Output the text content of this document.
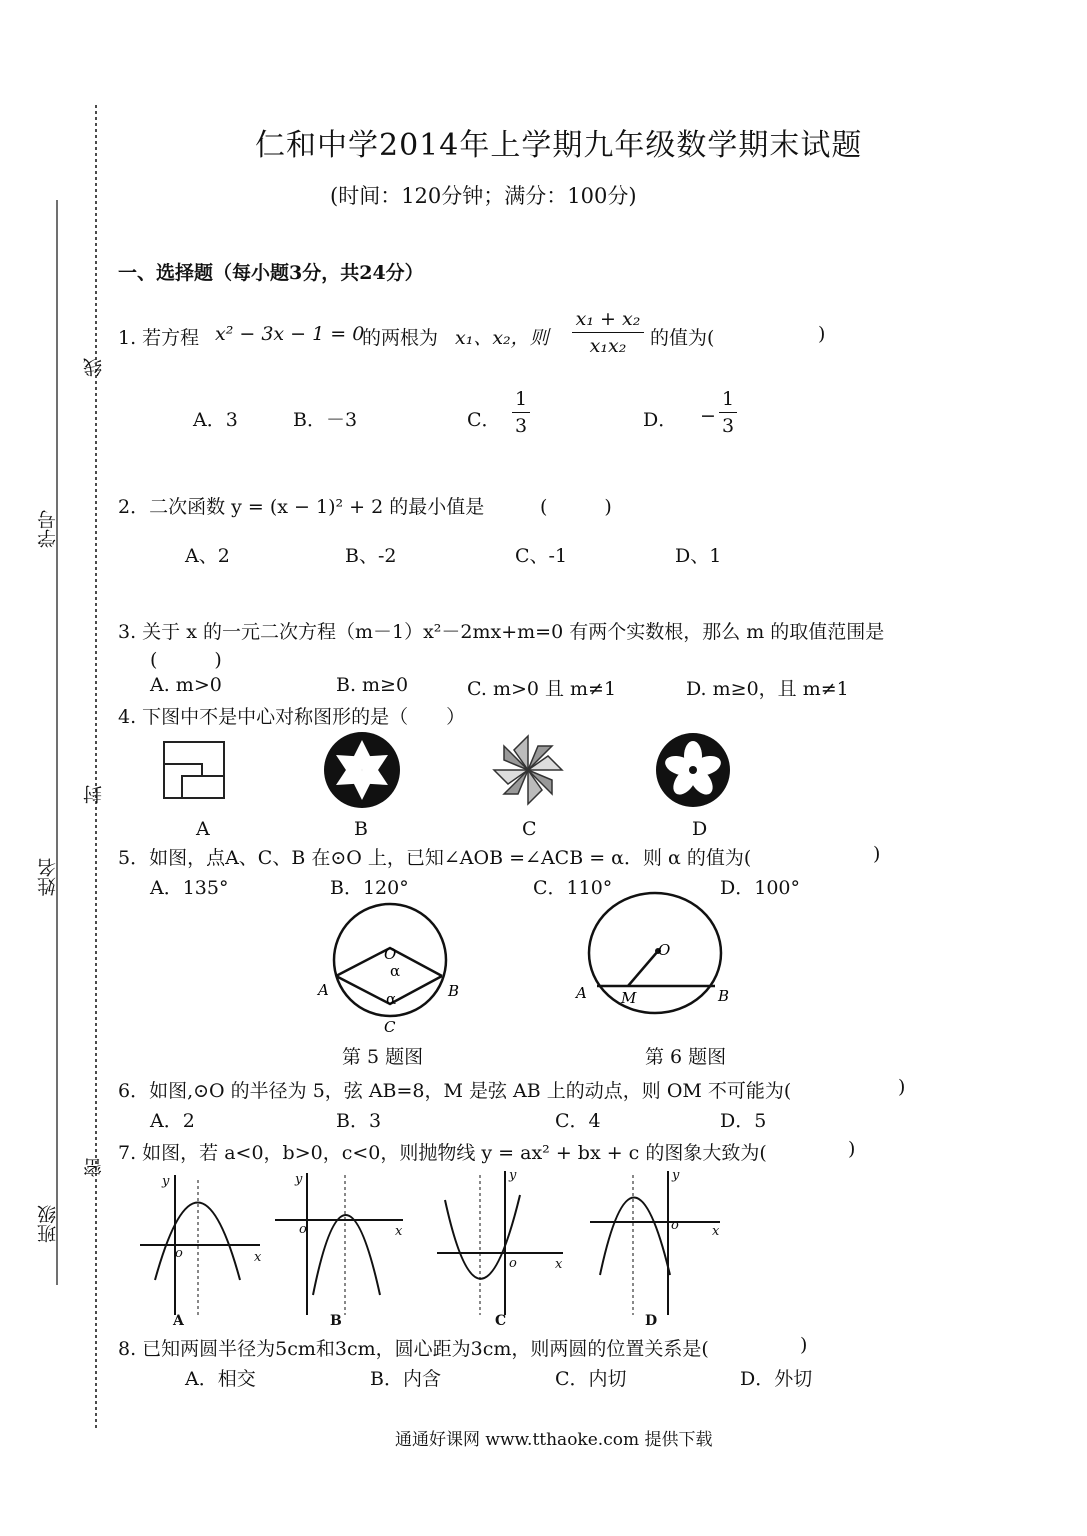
线
封
密
学号
姓名
班级
仁和中学2014年上学期九年级数学期末试题
(时间：120分钟；满分：100分)
一、选择题（每小题3分，共24分）
1. 若方程 x² − 3x − 1 = 0
的两根为 x₁、x₂，则
x₁ + x₂
x₁x₂ 的值为(	)
A．3	B．－3	C．
1
3	D． −
1
3
2．二次函数 y = (x − 1)² + 2 的最小值是	(　　　)
A、2	B、-2	C、-1	D、1
3. 关于 x 的一元二次方程（m－1）x²－2mx+m=0 有两个实数根，那么 m 的取值范围是
(　　　)
A. m>0	B. m≥0	C. m>0 且 m≠1	D. m≥0，且 m≠1
4. 下图中不是中心对称图形的是（　　）
A	B	C	D
5．如图，点A、C、B 在⊙O 上，已知∠AOB =∠ACB = α．则 α 的值为(	)
A．135°	B．120°	C．110°	D．100°
O
α
α
A	B
C
第 5 题图
O
A M	B
第 6 题图
6．如图,⊙O 的半径为 5，弦 AB=8，M 是弦 AB 上的动点，则 OM 不可能为(	)
A．2	B．3	C．4	D．5
7. 如图，若 a<0，b>0，c<0，则抛物线 y = ax² + bx + c 的图象大致为(	)
y
x
o
y
x
o
y
x
o
y
x
o
A	B	C	D
8. 已知两圆半径为5cm和3cm，圆心距为3cm，则两圆的位置关系是(	)
A．相交	B．内含	C．内切	D．外切
通通好课网 www.tthaoke.com 提供下载
